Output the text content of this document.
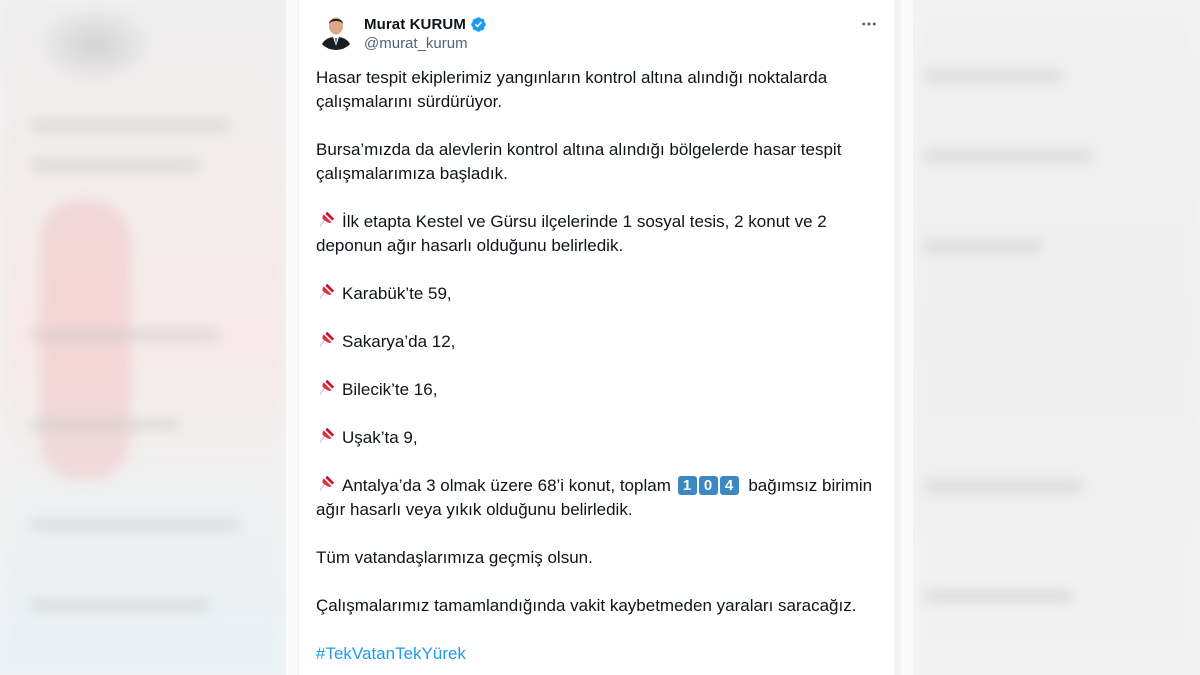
Murat KURUM
@murat_kurum

Hasar tespit ekiplerimiz yangınların kontrol altına alındığı noktalarda çalışmalarını sürdürüyor.

Bursa’mızda da alevlerin kontrol altına alındığı bölgelerde hasar tespit çalışmalarımıza başladık.

İlk etapta Kestel ve Gürsu ilçelerinde 1 sosyal tesis, 2 konut ve 2 deponun ağır hasarlı olduğunu belirledik.

Karabük’te 59,

Sakarya’da 12,

Bilecik’te 16,

Uşak’ta 9,

Antalya’da 3 olmak üzere 68’i konut, toplam 1 0 4 bağımsız birimin ağır hasarlı veya yıkık olduğunu belirledik.

Tüm vatandaşlarımıza geçmiş olsun.

Çalışmalarımız tamamlandığında vakit kaybetmeden yaraları saracağız.

#TekVatanTekYürek
